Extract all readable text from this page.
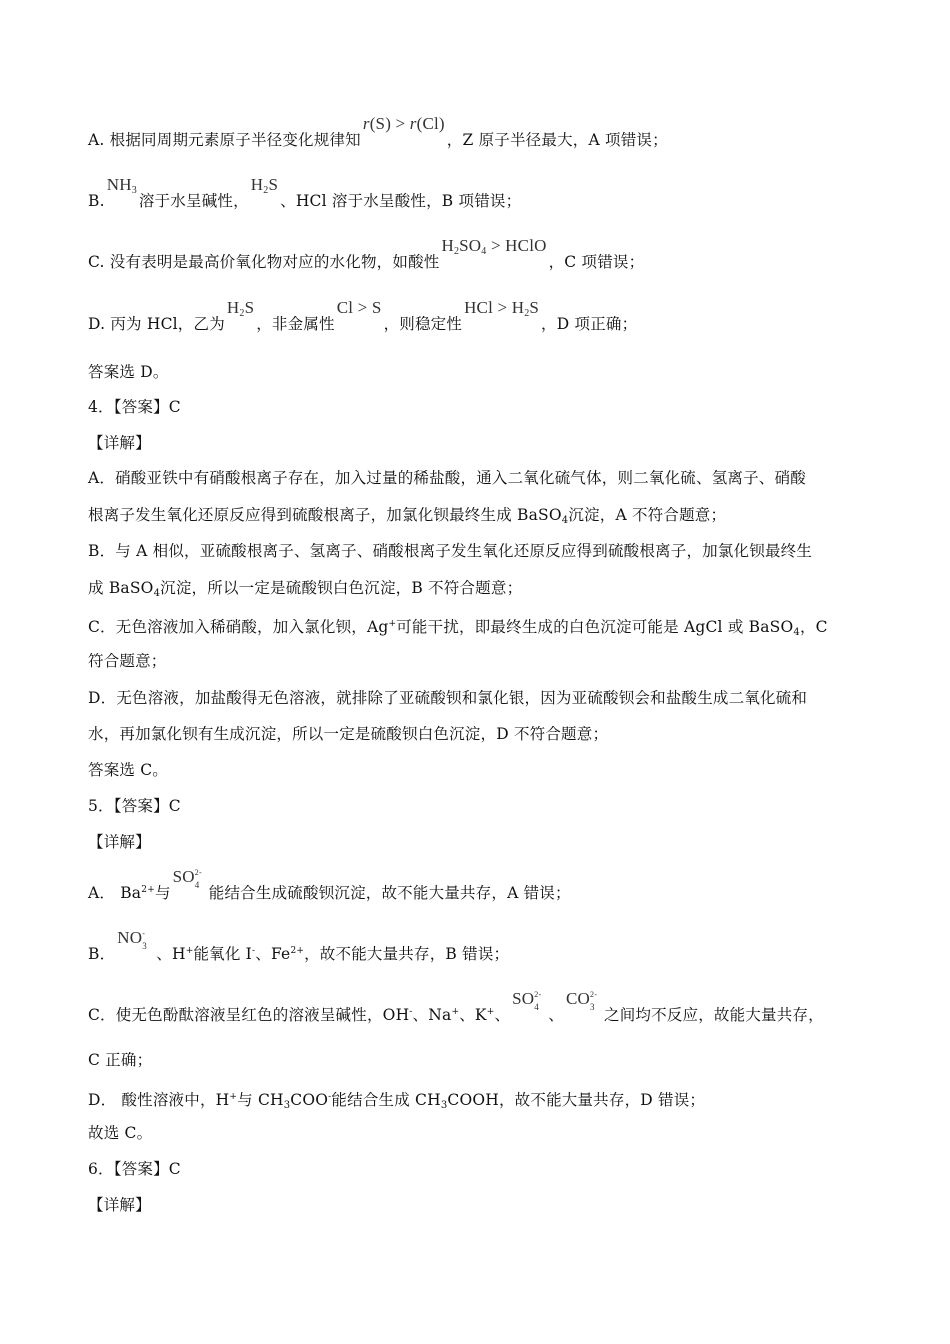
A. 根据同周期元素原子半径变化规律知r(S) > r(Cl)，Z 原子半径最大，A 项错误；
$B.NH_3$溶于水呈碱性，$H_2S$、HCl 溶于水呈酸性，B 项错误；
C. 没有表明是最高价氧化物对应的水化物，如酸性$H_2SO_4$ > HClO，C 项错误；
D. 丙为 HCl，乙为$H_2S$，非金属性Cl > S，则稳定性HCl > $H_2S$，D 项正确；
答案选 D。
4．【答案】C
【详解】
A．硝酸亚铁中有硝酸根离子存在，加入过量的稀盐酸，通入二氧化硫气体，则二氧化硫、氢离子、硝酸
根离子发生氧化还原反应得到硫酸根离子，加氯化钡最终生成 BaSO$_4$沉淀，A 不符合题意；
B．与 A 相似，亚硫酸根离子、氢离子、硝酸根离子发生氧化还原反应得到硫酸根离子，加氯化钡最终生
成 BaSO$_4$沉淀，所以一定是硫酸钡白色沉淀，B 不符合题意；
C．无色溶液加入稀硝酸，加入氯化钡，Ag+可能干扰，即最终生成的白色沉淀可能是 AgCl 或 BaSO$_4$，C
符合题意；
D．无色溶液，加盐酸得无色溶液，就排除了亚硫酸钡和氯化银，因为亚硫酸钡会和盐酸生成二氧化硫和
水，再加氯化钡有生成沉淀，所以一定是硫酸钡白色沉淀，D 不符合题意；
答案选 C。
5．【答案】C
【详解】
A． $Ba^{2+}$与SO 2-
4 能结合生成硫酸钡沉淀，故不能大量共存，A 错误；
B．NO -
3 、H+能氧化 I-、$Fe^{2+}$，故不能大量共存，B 错误；
C．使无色酚酞溶液呈红色的溶液呈碱性，OH-、Na+、K+、SO 2-
4 、CO 2-
3 之间均不反应，故能大量共存，
C 正确；
D． 酸性溶液中，H+与 $CH_3COO^-$能结合生成 $CH_3COOH$，故不能大量共存，D 错误；
故选 C。
6．【答案】C
【详解】
